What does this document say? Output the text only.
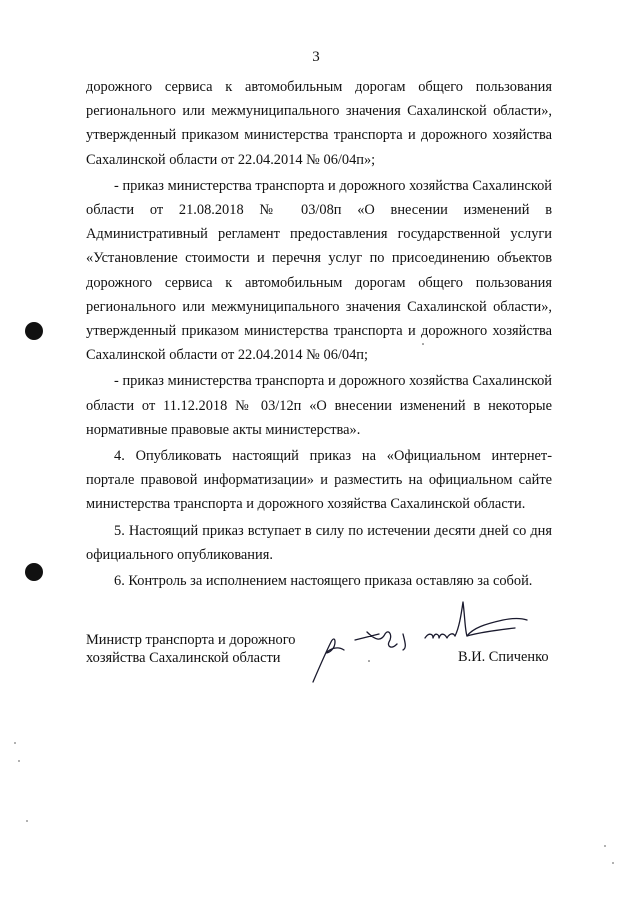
3

дорожного сервиса к автомобильным дорогам общего пользования регионального или межмуниципального значения Сахалинской области», утвержденный приказом министерства транспорта и дорожного хозяйства Сахалинской области от 22.04.2014 № 06/04п»;

- приказ министерства транспорта и дорожного хозяйства Сахалинской области от 21.08.2018 № 03/08п «О внесении изменений в Административный регламент предоставления государственной услуги «Установление стоимости и перечня услуг по присоединению объектов дорожного сервиса к автомобильным дорогам общего пользования регионального или межмуниципального значения Сахалинской области», утвержденный приказом министерства транспорта и дорожного хозяйства Сахалинской области от 22.04.2014 № 06/04п;

- приказ министерства транспорта и дорожного хозяйства Сахалинской области от 11.12.2018 № 03/12п «О внесении изменений в некоторые нормативные правовые акты министерства».

4. Опубликовать настоящий приказ на «Официальном интернет-портале правовой информатизации» и разместить на официальном сайте министерства транспорта и дорожного хозяйства Сахалинской области.

5. Настоящий приказ вступает в силу по истечении десяти дней со дня официального опубликования.

6. Контроль за исполнением настоящего приказа оставляю за собой.

Министр транспорта и дорожного
хозяйства Сахалинской области	В.И. Спиченко
